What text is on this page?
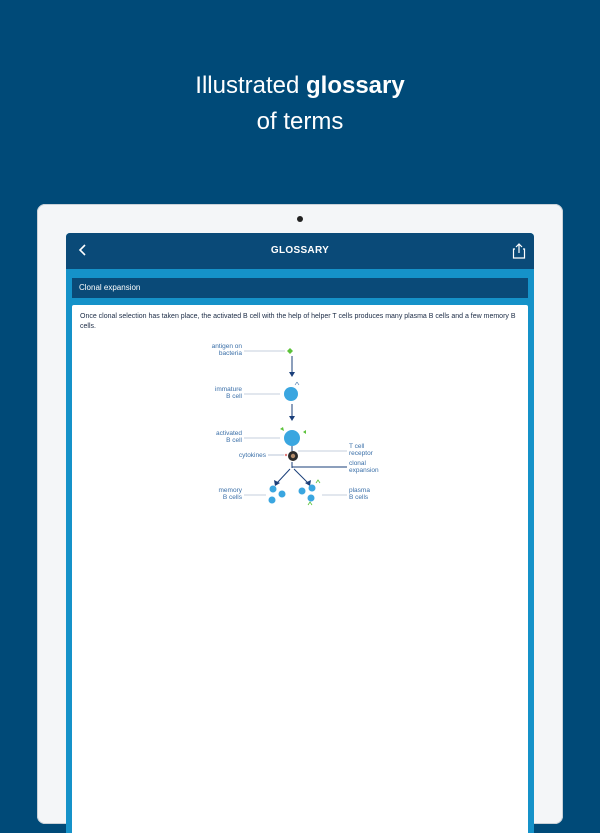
Illustrated glossary
of terms
GLOSSARY
Clonal expansion
Once clonal selection has taken place, the activated B cell with the help of helper T cells produces many plasma B cells and a few memory B cells.
antigen on
bacteria
immature
B cell
activated
B cell
cytokines
T cell
receptor
clonal
expansion
memory
B cells
plasma
B cells
